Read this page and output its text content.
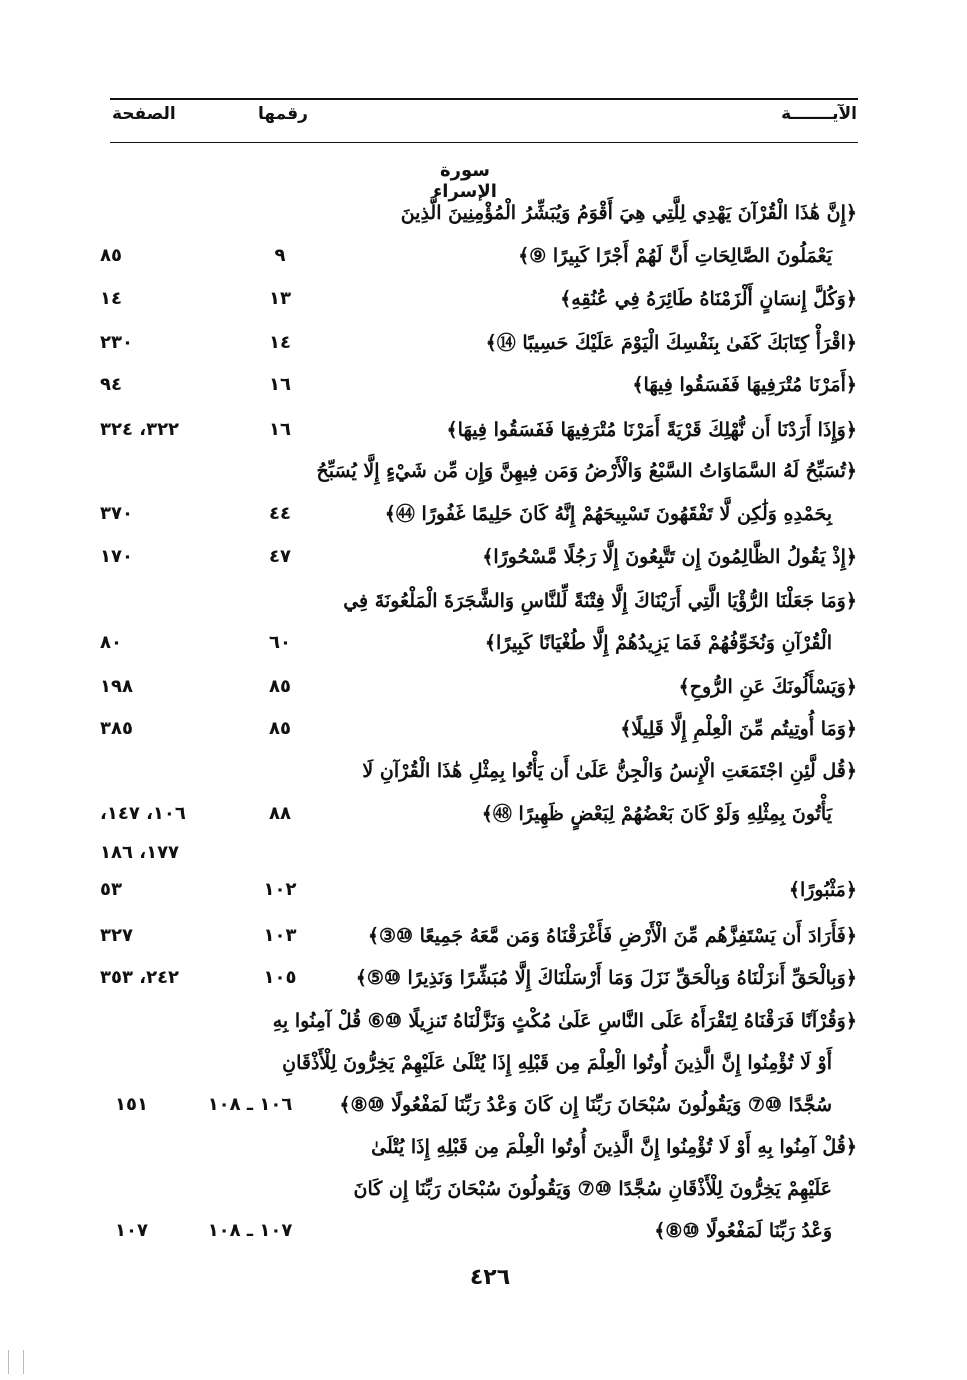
الآيـــــــة
رقمها
الصفحة
سورة الإسراء
﴿إِنَّ هَٰذَا الْقُرْآنَ يَهْدِي لِلَّتِي هِيَ أَقْوَمُ وَيُبَشِّرُ الْمُؤْمِنِينَ الَّذِينَ
يَعْمَلُونَ الصَّالِحَاتِ أَنَّ لَهُمْ أَجْرًا كَبِيرًا ⑨﴾
٩
٨٥
﴿وَكُلَّ إِنسَانٍ أَلْزَمْنَاهُ طَائِرَهُ فِي عُنُقِهِ﴾
١٣
١٤
﴿اقْرَأْ كِتَابَكَ كَفَىٰ بِنَفْسِكَ الْيَوْمَ عَلَيْكَ حَسِيبًا ⑭﴾
١٤
٢٣٠
﴿أَمَرْنَا مُتْرَفِيهَا فَفَسَقُوا فِيهَا﴾
١٦
٩٤
﴿وَإِذَا أَرَدْنَا أَن نُّهْلِكَ قَرْيَةً أَمَرْنَا مُتْرَفِيهَا فَفَسَقُوا فِيهَا﴾
١٦
٣٢٢، ٣٢٤
﴿تُسَبِّحُ لَهُ السَّمَاوَاتُ السَّبْعُ وَالْأَرْضُ وَمَن فِيهِنَّ وَإِن مِّن شَيْءٍ إِلَّا يُسَبِّحُ
بِحَمْدِهِ وَلَٰكِن لَّا تَفْقَهُونَ تَسْبِيحَهُمْ إِنَّهُ كَانَ حَلِيمًا غَفُورًا ㊹﴾
٤٤
٣٧٠
﴿إِذْ يَقُولُ الظَّالِمُونَ إِن تَتَّبِعُونَ إِلَّا رَجُلًا مَّسْحُورًا﴾
٤٧
١٧٠
﴿وَمَا جَعَلْنَا الرُّؤْيَا الَّتِي أَرَيْنَاكَ إِلَّا فِتْنَةً لِّلنَّاسِ وَالشَّجَرَةَ الْمَلْعُونَةَ فِي
الْقُرْآنِ وَنُخَوِّفُهُمْ فَمَا يَزِيدُهُمْ إِلَّا طُغْيَانًا كَبِيرًا﴾
٦٠
٨٠
﴿وَيَسْأَلُونَكَ عَنِ الرُّوحِ﴾
٨٥
١٩٨
﴿وَمَا أُوتِيتُم مِّنَ الْعِلْمِ إِلَّا قَلِيلًا﴾
٨٥
٣٨٥
﴿قُل لَّئِنِ اجْتَمَعَتِ الْإِنسُ وَالْجِنُّ عَلَىٰ أَن يَأْتُوا بِمِثْلِ هَٰذَا الْقُرْآنِ لَا
يَأْتُونَ بِمِثْلِهِ وَلَوْ كَانَ بَعْضُهُمْ لِبَعْضٍ ظَهِيرًا ㊽﴾
٨٨
١٠٦، ١٤٧،
١٧٧، ١٨٦
﴿مَثْبُورًا﴾
١٠٢
٥٣
﴿فَأَرَادَ أَن يَسْتَفِزَّهُم مِّنَ الْأَرْضِ فَأَغْرَقْنَاهُ وَمَن مَّعَهُ جَمِيعًا ⑩③﴾
١٠٣
٣٢٧
﴿وَبِالْحَقِّ أَنزَلْنَاهُ وَبِالْحَقِّ نَزَلَ وَمَا أَرْسَلْنَاكَ إِلَّا مُبَشِّرًا وَنَذِيرًا ⑩⑤﴾
١٠٥
٢٤٢، ٣٥٣
﴿وَقُرْآنًا فَرَقْنَاهُ لِتَقْرَأَهُ عَلَى النَّاسِ عَلَىٰ مُكْثٍ وَنَزَّلْنَاهُ تَنزِيلًا ⑩⑥ قُلْ آمِنُوا بِهِ
أَوْ لَا تُؤْمِنُوا إِنَّ الَّذِينَ أُوتُوا الْعِلْمَ مِن قَبْلِهِ إِذَا يُتْلَىٰ عَلَيْهِمْ يَخِرُّونَ لِلْأَذْقَانِ
سُجَّدًا ⑩⑦ وَيَقُولُونَ سُبْحَانَ رَبِّنَا إِن كَانَ وَعْدُ رَبِّنَا لَمَفْعُولًا ⑩⑧﴾
١٠٦ ـ ١٠٨
١٥١
﴿قُلْ آمِنُوا بِهِ أَوْ لَا تُؤْمِنُوا إِنَّ الَّذِينَ أُوتُوا الْعِلْمَ مِن قَبْلِهِ إِذَا يُتْلَىٰ
عَلَيْهِمْ يَخِرُّونَ لِلْأَذْقَانِ سُجَّدًا ⑩⑦ وَيَقُولُونَ سُبْحَانَ رَبِّنَا إِن كَانَ
وَعْدُ رَبِّنَا لَمَفْعُولًا ⑩⑧﴾
١٠٧ ـ ١٠٨
١٠٧
٤٢٦
